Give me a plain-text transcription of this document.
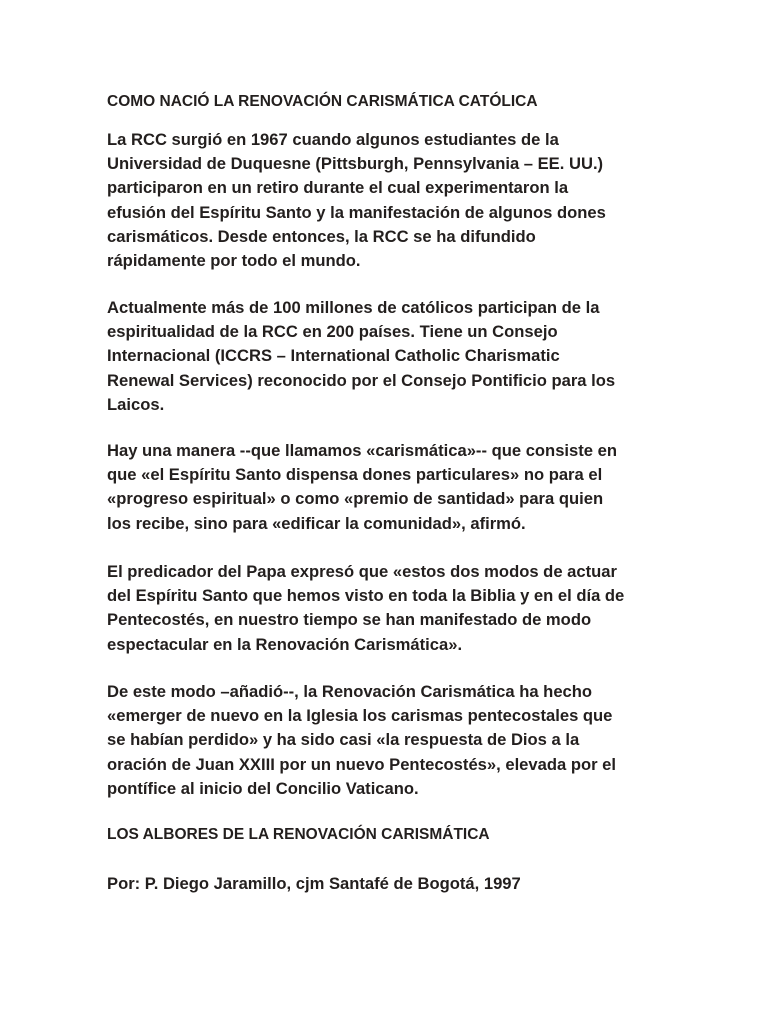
COMO NACIÓ LA RENOVACIÓN CARISMÁTICA CATÓLICA

La RCC surgió en 1967 cuando algunos estudiantes de la
Universidad de Duquesne (Pittsburgh, Pennsylvania – EE. UU.)
participaron en un retiro durante el cual experimentaron la
efusión del Espíritu Santo y la manifestación de algunos dones
carismáticos. Desde entonces, la RCC se ha difundido
rápidamente por todo el mundo.

Actualmente más de 100 millones de católicos participan de la
espiritualidad de la RCC en 200 países. Tiene un Consejo
Internacional (ICCRS – International Catholic Charismatic
Renewal Services) reconocido por el Consejo Pontificio para los
Laicos.

Hay una manera --que llamamos «carismática»-- que consiste en
que «el Espíritu Santo dispensa dones particulares» no para el
«progreso espiritual» o como «premio de santidad» para quien
los recibe, sino para «edificar la comunidad», afirmó.

El predicador del Papa expresó que «estos dos modos de actuar
del Espíritu Santo que hemos visto en toda la Biblia y en el día de
Pentecostés, en nuestro tiempo se han manifestado de modo
espectacular en la Renovación Carismática».

De este modo –añadió--, la Renovación Carismática ha hecho
«emerger de nuevo en la Iglesia los carismas pentecostales que
se habían perdido» y ha sido casi «la respuesta de Dios a la
oración de Juan XXIII por un nuevo Pentecostés», elevada por el
pontífice al inicio del Concilio Vaticano.

LOS ALBORES DE LA RENOVACIÓN CARISMÁTICA

Por: P. Diego Jaramillo, cjm Santafé de Bogotá, 1997
